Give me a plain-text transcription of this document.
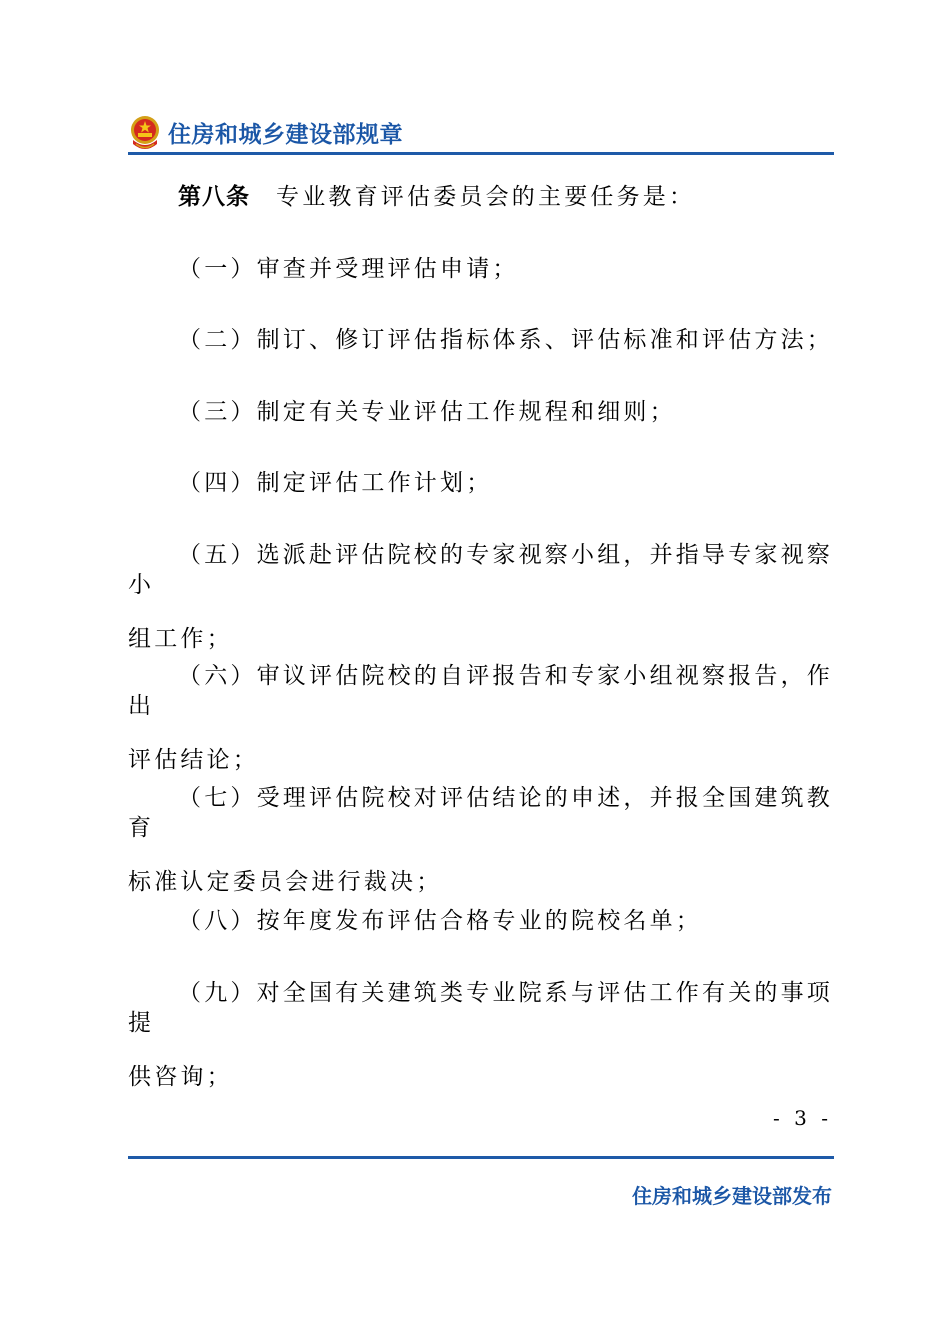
住房和城乡建设部规章

第八条 专业教育评估委员会的主要任务是：

（一）审查并受理评估申请；

（二）制订、修订评估指标体系、评估标准和评估方法；

（三）制定有关专业评估工作规程和细则；

（四）制定评估工作计划；

（五）选派赴评估院校的专家视察小组，并指导专家视察小
组工作；

（六）审议评估院校的自评报告和专家小组视察报告，作出
评估结论；

（七）受理评估院校对评估结论的申述，并报全国建筑教育
标准认定委员会进行裁决；

（八）按年度发布评估合格专业的院校名单；

（九）对全国有关建筑类专业院系与评估工作有关的事项提
供咨询；

- 3 -
住房和城乡建设部发布
